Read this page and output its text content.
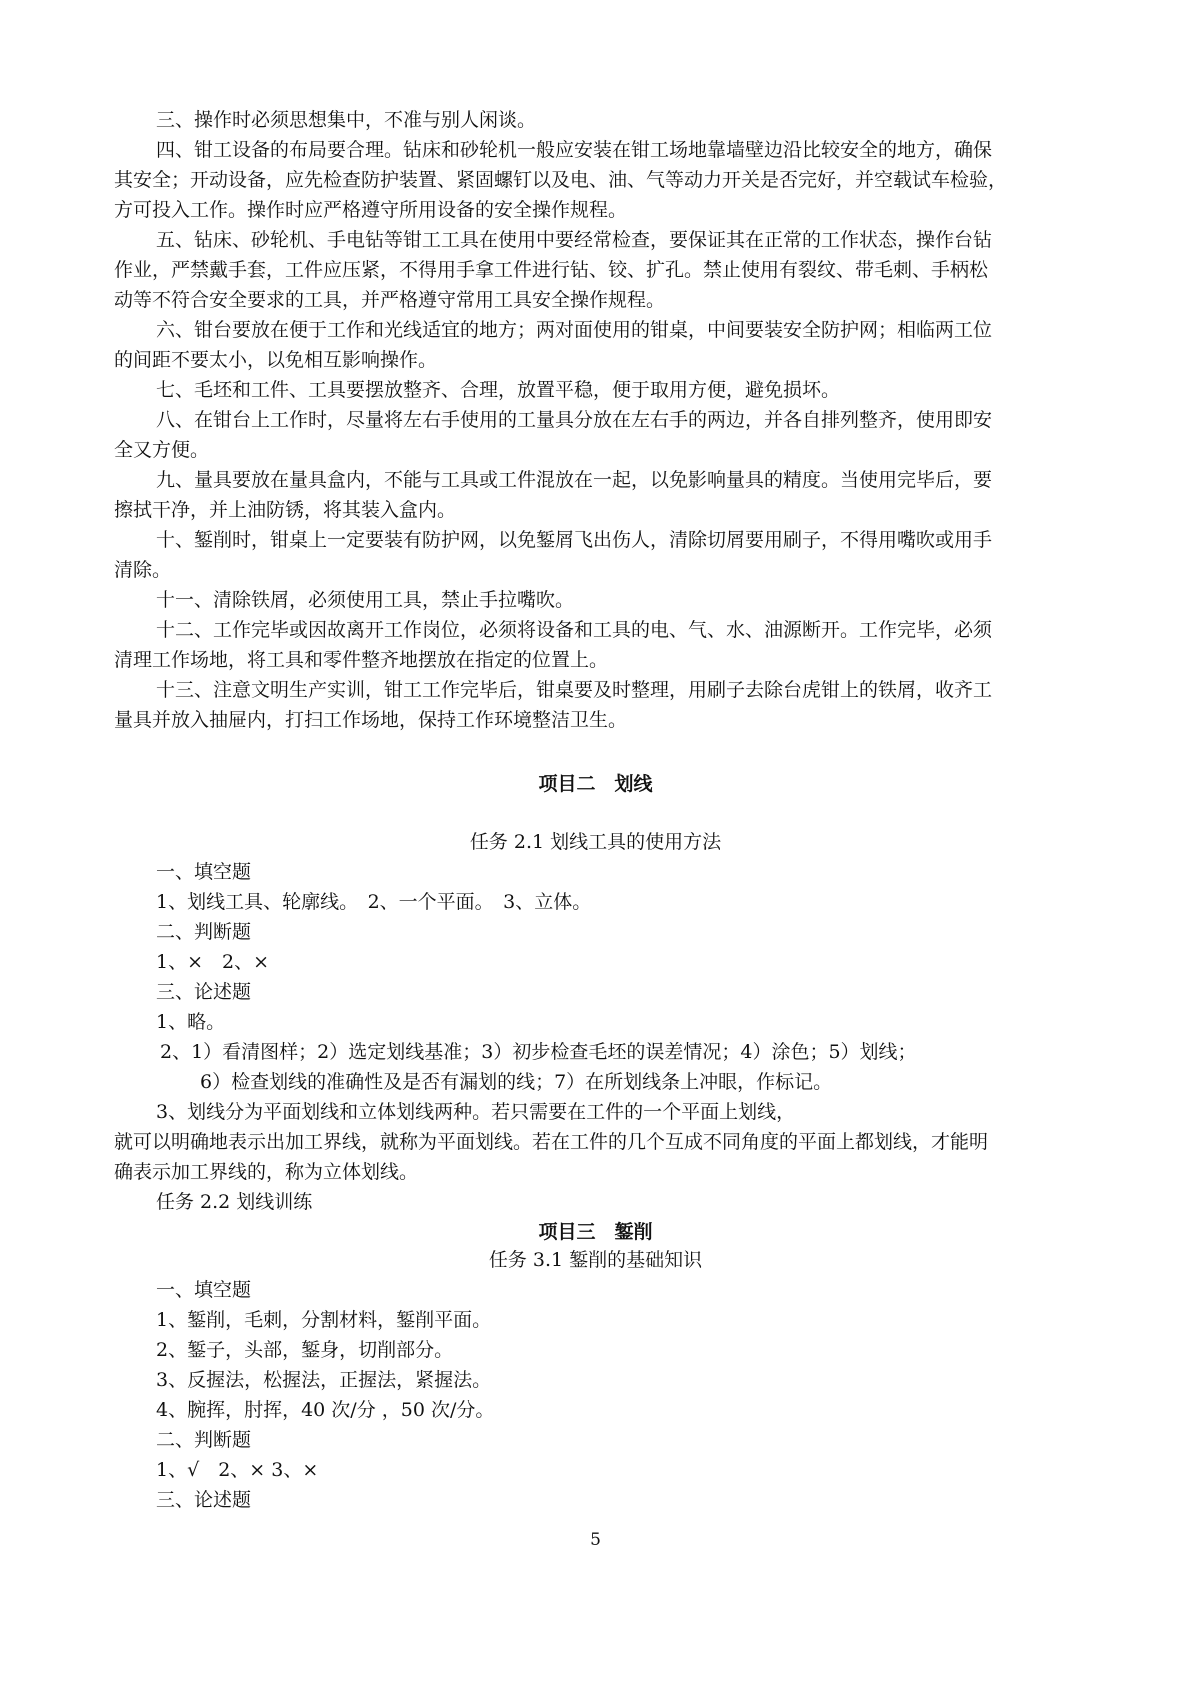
三、操作时必须思想集中，不准与别人闲谈。
四、钳工设备的布局要合理。钻床和砂轮机一般应安装在钳工场地靠墙壁边沿比较安全的地方，确保
其安全；开动设备，应先检查防护装置、紧固螺钉以及电、油、气等动力开关是否完好，并空载试车检验，
方可投入工作。操作时应严格遵守所用设备的安全操作规程。
五、钻床、砂轮机、手电钻等钳工工具在使用中要经常检查，要保证其在正常的工作状态，操作台钻
作业，严禁戴手套，工件应压紧，不得用手拿工件进行钻、铰、扩孔。禁止使用有裂纹、带毛刺、手柄松
动等不符合安全要求的工具，并严格遵守常用工具安全操作规程。
六、钳台要放在便于工作和光线适宜的地方；两对面使用的钳桌，中间要装安全防护网；相临两工位
的间距不要太小，以免相互影响操作。
七、毛坯和工件、工具要摆放整齐、合理，放置平稳，便于取用方便，避免损坏。
八、在钳台上工作时，尽量将左右手使用的工量具分放在左右手的两边，并各自排列整齐，使用即安
全又方便。
九、量具要放在量具盒内，不能与工具或工件混放在一起，以免影响量具的精度。当使用完毕后，要
擦拭干净，并上油防锈，将其装入盒内。
十、錾削时，钳桌上一定要装有防护网，以免錾屑飞出伤人，清除切屑要用刷子，不得用嘴吹或用手
清除。
十一、清除铁屑，必须使用工具，禁止手拉嘴吹。
十二、工作完毕或因故离开工作岗位，必须将设备和工具的电、气、水、油源断开。工作完毕，必须
清理工作场地，将工具和零件整齐地摆放在指定的位置上。
十三、注意文明生产实训，钳工工作完毕后，钳桌要及时整理，用刷子去除台虎钳上的铁屑，收齐工
量具并放入抽屉内，打扫工作场地，保持工作环境整洁卫生。
项目二　划线
任务 2.1 划线工具的使用方法
一、填空题
1、划线工具、轮廓线。　2、一个平面。　3、立体。
二、判断题
1、×　2、×
三、论述题
1、略。
2、1）看清图样；2）选定划线基准；3）初步检查毛坯的误差情况；4）涂色；5）划线；
6）检查划线的准确性及是否有漏划的线；7）在所划线条上冲眼，作标记。
3、划线分为平面划线和立体划线两种。若只需要在工件的一个平面上划线，
就可以明确地表示出加工界线，就称为平面划线。若在工件的几个互成不同角度的平面上都划线，才能明
确表示加工界线的，称为立体划线。
任务 2.2 划线训练
项目三　錾削
任务 3.1 錾削的基础知识
一、填空题
1、錾削，毛刺，分割材料，錾削平面。
2、錾子，头部，錾身，切削部分。
3、反握法，松握法，正握法，紧握法。
4、腕挥，肘挥，40 次/分 ，50 次/分。
二、判断题
1、√　2、× 3、×
三、论述题
5
